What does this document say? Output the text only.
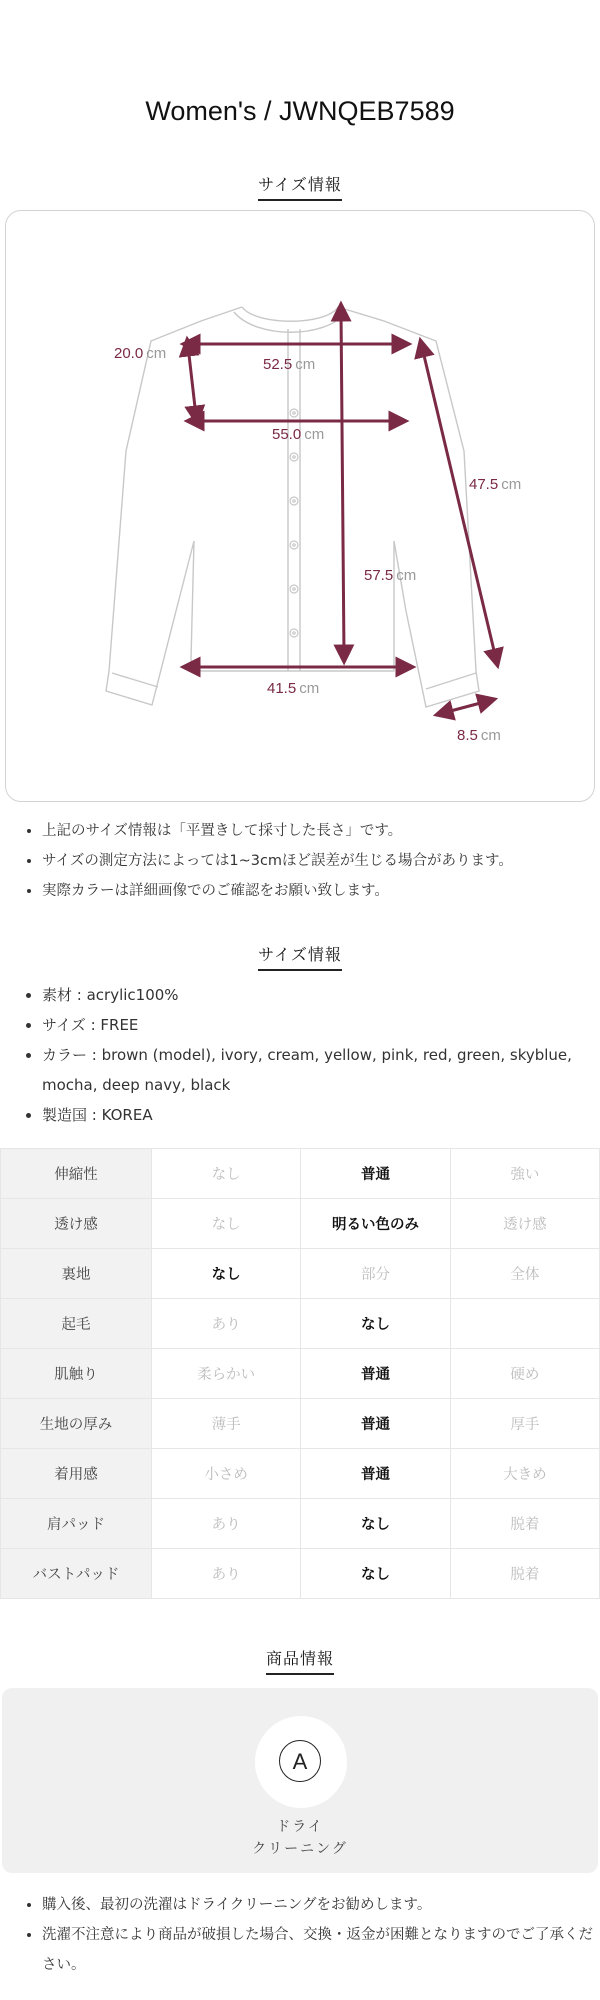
Women's / JWNQEB7589
サイズ情報
52.5 cm
20.0 cm
55.0 cm
47.5 cm
57.5 cm
41.5 cm
8.5 cm
• 上記のサイズ情報は「平置きして採寸した長さ」です。
• サイズの測定方法によっては1~3cmほど誤差が生じる場合があります。
• 実際カラーは詳細画像でのご確認をお願い致します。
サイズ情報
• 素材 : acrylic100%
• サイズ : FREE
• カラー : brown (model), ivory, cream, yellow, pink, red, green, skyblue, mocha, deep navy, black
• 製造国 : KOREA
伸縮性	なし	普通	強い
透け感	なし	明るい色のみ	透け感
裏地	なし	部分	全体
起毛	あり	なし	
肌触り	柔らかい	普通	硬め
生地の厚み	薄手	普通	厚手
着用感	小さめ	普通	大きめ
肩パッド	あり	なし	脱着
バストパッド	あり	なし	脱着
商品情報
A
ドライ
クリーニング
• 購入後、最初の洗濯はドライクリーニングをお勧めします。
• 洗濯不注意により商品が破損した場合、交換・返金が困難となりますのでご了承ください。
